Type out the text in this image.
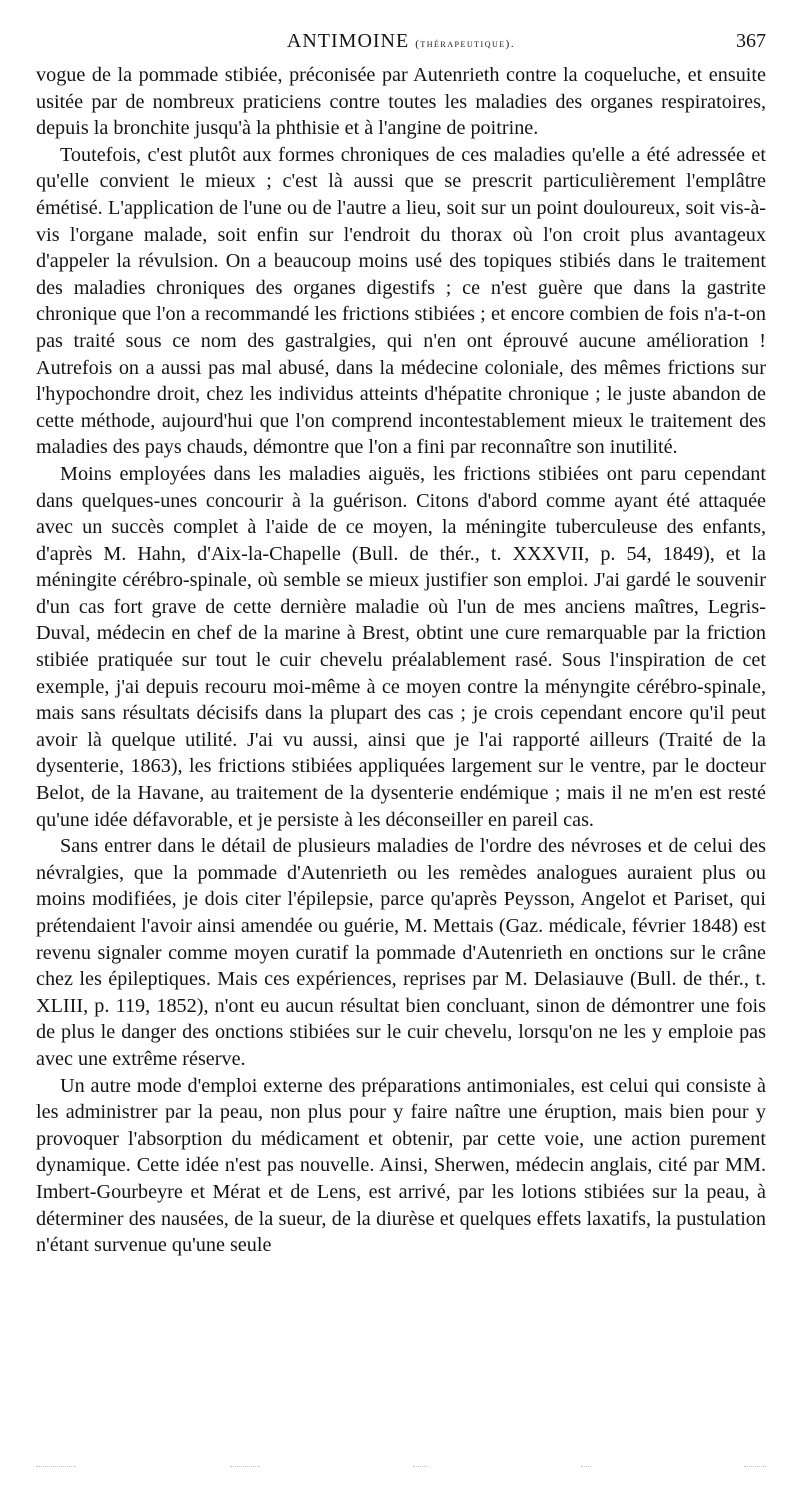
ANTIMOINE (thérapeutique).	367

vogue de la pommade stibiée, préconisée par Autenrieth contre la coqueluche, et ensuite usitée par de nombreux praticiens contre toutes les maladies des organes respiratoires, depuis la bronchite jusqu'à la phthisie et à l'angine de poitrine.

Toutefois, c'est plutôt aux formes chroniques de ces maladies qu'elle a été adressée et qu'elle convient le mieux ; c'est là aussi que se prescrit particulièrement l'emplâtre émétisé. L'application de l'une ou de l'autre a lieu, soit sur un point douloureux, soit vis-à-vis l'organe malade, soit enfin sur l'endroit du thorax où l'on croit plus avantageux d'appeler la révulsion. On a beaucoup moins usé des topiques stibiés dans le traitement des maladies chroniques des organes digestifs ; ce n'est guère que dans la gastrite chronique que l'on a recommandé les frictions stibiées ; et encore combien de fois n'a-t-on pas traité sous ce nom des gastralgies, qui n'en ont éprouvé aucune amélioration ! Autrefois on a aussi pas mal abusé, dans la médecine coloniale, des mêmes frictions sur l'hypochondre droit, chez les individus atteints d'hépatite chronique ; le juste abandon de cette méthode, aujourd'hui que l'on comprend incontestablement mieux le traitement des maladies des pays chauds, démontre que l'on a fini par reconnaître son inutilité.

Moins employées dans les maladies aiguës, les frictions stibiées ont paru cependant dans quelques-unes concourir à la guérison. Citons d'abord comme ayant été attaquée avec un succès complet à l'aide de ce moyen, la méningite tuberculeuse des enfants, d'après M. Hahn, d'Aix-la-Chapelle (Bull. de thér., t. XXXVII, p. 54, 1849), et la méningite cérébro-spinale, où semble se mieux justifier son emploi. J'ai gardé le souvenir d'un cas fort grave de cette dernière maladie où l'un de mes anciens maîtres, Legris-Duval, médecin en chef de la marine à Brest, obtint une cure remarquable par la friction stibiée pratiquée sur tout le cuir chevelu préalablement rasé. Sous l'inspiration de cet exemple, j'ai depuis recouru moi-même à ce moyen contre la ményngite cérébro-spinale, mais sans résultats décisifs dans la plupart des cas ; je crois cependant encore qu'il peut avoir là quelque utilité. J'ai vu aussi, ainsi que je l'ai rapporté ailleurs (Traité de la dysenterie, 1863), les frictions stibiées appliquées largement sur le ventre, par le docteur Belot, de la Havane, au traitement de la dysenterie endémique ; mais il ne m'en est resté qu'une idée défavorable, et je persiste à les déconseiller en pareil cas.

Sans entrer dans le détail de plusieurs maladies de l'ordre des névroses et de celui des névralgies, que la pommade d'Autenrieth ou les remèdes analogues auraient plus ou moins modifiées, je dois citer l'épilepsie, parce qu'après Peysson, Angelot et Pariset, qui prétendaient l'avoir ainsi amendée ou guérie, M. Mettais (Gaz. médicale, février 1848) est revenu signaler comme moyen curatif la pommade d'Autenrieth en onctions sur le crâne chez les épileptiques. Mais ces expériences, reprises par M. Delasiauve (Bull. de thér., t. XLIII, p. 119, 1852), n'ont eu aucun résultat bien concluant, sinon de démontrer une fois de plus le danger des onctions stibiées sur le cuir chevelu, lorsqu'on ne les y emploie pas avec une extrême réserve.

Un autre mode d'emploi externe des préparations antimoniales, est celui qui consiste à les administrer par la peau, non plus pour y faire naître une éruption, mais bien pour y provoquer l'absorption du médicament et obtenir, par cette voie, une action purement dynamique. Cette idée n'est pas nouvelle. Ainsi, Sherwen, médecin anglais, cité par MM. Imbert-Gourbeyre et Mérat et de Lens, est arrivé, par les lotions stibiées sur la peau, à déterminer des nausées, de la sueur, de la diurèse et quelques effets laxatifs, la pustulation n'étant survenue qu'une seule
